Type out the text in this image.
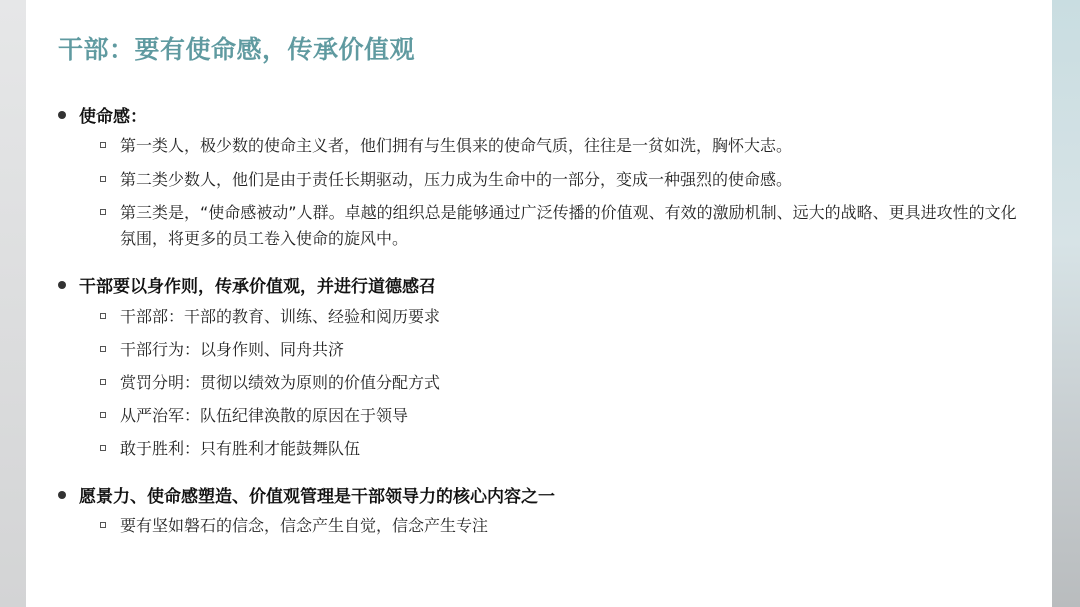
干部：要有使命感，传承价值观
使命感：
第一类人，极少数的使命主义者，他们拥有与生俱来的使命气质，往往是一贫如洗，胸怀大志。
第二类少数人，他们是由于责任长期驱动，压力成为生命中的一部分，变成一种强烈的使命感。
第三类是，“使命感被动”人群。卓越的组织总是能够通过广泛传播的价值观、有效的激励机制、远大的战略、更具进攻性的文化氛围，将更多的员工卷入使命的旋风中。
干部要以身作则，传承价值观，并进行道德感召
干部部：干部的教育、训练、经验和阅历要求
干部行为：以身作则、同舟共济
赏罚分明：贯彻以绩效为原则的价值分配方式
从严治军：队伍纪律涣散的原因在于领导
敢于胜利：只有胜利才能鼓舞队伍
愿景力、使命感塑造、价值观管理是干部领导力的核心内容之一
要有坚如磐石的信念，信念产生自觉，信念产生专注
